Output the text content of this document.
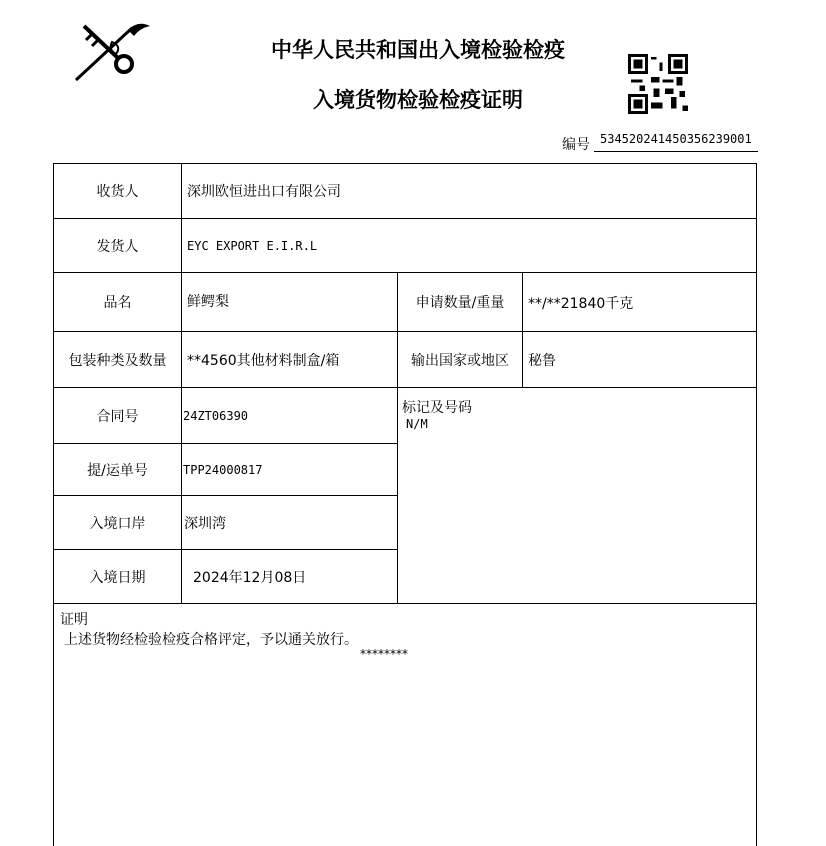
中华人民共和国出入境检验检疫
入境货物检验检疫证明
编号 534520241450356239001
收货人	深圳欧恒进出口有限公司
发货人	EYC EXPORT E.I.R.L
品名	鲜鳄梨	申请数量/重量	**/**21840千克
包装种类及数量	**4560其他材料制盒/箱	输出国家或地区	秘鲁
合同号	24ZT06390	标记及号码
N/M
提/运单号	TPP24000817
入境口岸	深圳湾
入境日期	2024年12月08日
证明
上述货物经检验检疫合格评定，予以通关放行。
********
